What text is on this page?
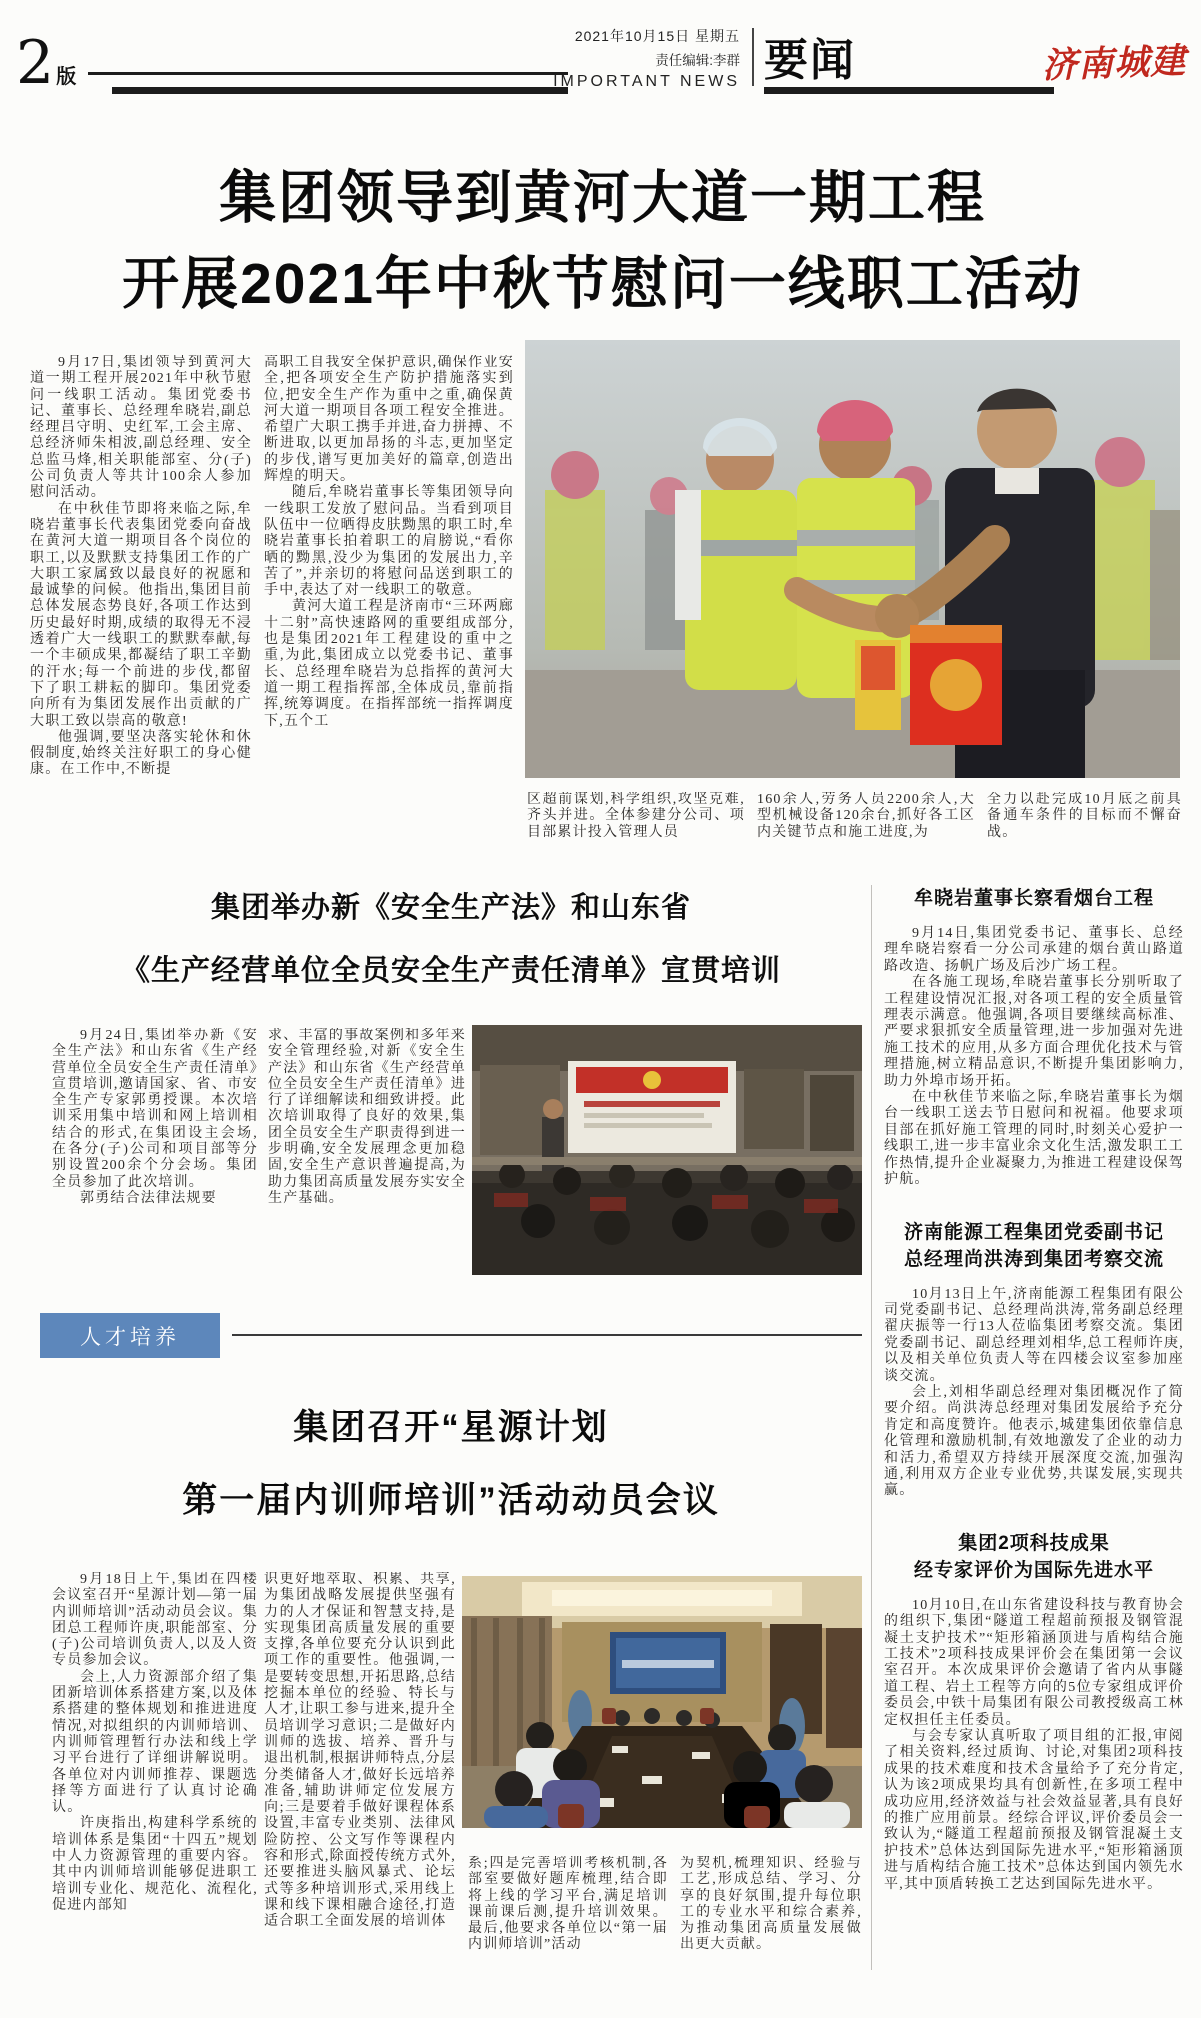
2 版
2021年10月15日 星期五
责任编辑:李群
IMPORTANT NEWS 要闻	济南城建
集团领导到黄河大道一期工程
开展2021年中秋节慰问一线职工活动

9月17日,集团领导到黄河大道一期工程开展2021年中秋节慰问一线职工活动。集团党委书记、董事长、总经理牟晓岩,副总经理吕守明、史红军,工会主席、总经济师朱相波,副总经理、安全总监马烽,相关职能部室、分(子)公司负责人等共计100余人参加慰问活动。

在中秋佳节即将来临之际,牟晓岩董事长代表集团党委向奋战在黄河大道一期项目各个岗位的职工,以及默默支持集团工作的广大职工家属致以最良好的祝愿和最诚挚的问候。他指出,集团目前总体发展态势良好,各项工作达到历史最好时期,成绩的取得无不浸透着广大一线职工的默默奉献,每一个丰硕成果,都凝结了职工辛勤的汗水;每一个前进的步伐,都留下了职工耕耘的脚印。集团党委向所有为集团发展作出贡献的广大职工致以崇高的敬意!

他强调,要坚决落实轮休和休假制度,始终关注好职工的身心健康。在工作中,不断提

高职工自我安全保护意识,确保作业安全,把各项安全生产防护措施落实到位,把安全生产作为重中之重,确保黄河大道一期项目各项工程安全推进。希望广大职工携手并进,奋力拼搏、不断进取,以更加昂扬的斗志,更加坚定的步伐,谱写更加美好的篇章,创造出辉煌的明天。

随后,牟晓岩董事长等集团领导向一线职工发放了慰问品。当看到项目队伍中一位晒得皮肤黝黑的职工时,牟晓岩董事长拍着职工的肩膀说,“看你晒的黝黑,没少为集团的发展出力,辛苦了”,并亲切的将慰问品送到职工的手中,表达了对一线职工的敬意。

黄河大道工程是济南市“三环两廊十二射”高快速路网的重要组成部分,也是集团2021年工程建设的重中之重,为此,集团成立以党委书记、董事长、总经理牟晓岩为总指挥的黄河大道一期工程指挥部,全体成员,靠前指挥,统筹调度。在指挥部统一指挥调度下,五个工

区超前谋划,科学组织,攻坚克难,齐头并进。全体参建分公司、项目部累计投入管理人员

160余人,劳务人员2200余人,大型机械设备120余台,抓好各工区内关键节点和施工进度,为

全力以赴完成10月底之前具备通车条件的目标而不懈奋战。

集团举办新《安全生产法》和山东省
《生产经营单位全员安全生产责任清单》宣贯培训

9月24日,集团举办新《安全生产法》和山东省《生产经营单位全员安全生产责任清单》宣贯培训,邀请国家、省、市安全生产专家郭勇授课。本次培训采用集中培训和网上培训相结合的形式,在集团设主会场,在各分(子)公司和项目部等分别设置200余个分会场。集团全员参加了此次培训。

郭勇结合法律法规要

求、丰富的事故案例和多年来安全管理经验,对新《安全生产法》和山东省《生产经营单位全员安全生产责任清单》进行了详细解读和细致讲授。此次培训取得了良好的效果,集团全员安全生产职责得到进一步明确,安全发展理念更加稳固,安全生产意识普遍提高,为助力集团高质量发展夯实安全生产基础。

人才培养
集团召开“星源计划
第一届内训师培训”活动动员会议

9月18日上午,集团在四楼会议室召开“星源计划—第一届内训师培训”活动动员会议。集团总工程师许庚,职能部室、分(子)公司培训负责人,以及人资专员参加会议。

会上,人力资源部介绍了集团新培训体系搭建方案,以及体系搭建的整体规划和推进进度情况,对拟组织的内训师培训、内训师管理暂行办法和线上学习平台进行了详细讲解说明。各单位对内训师推荐、课题选择等方面进行了认真讨论确认。

许庚指出,构建科学系统的培训体系是集团“十四五”规划中人力资源管理的重要内容。其中内训师培训能够促进职工培训专业化、规范化、流程化,促进内部知

识更好地萃取、积累、共享,为集团战略发展提供坚强有力的人才保证和智慧支持,是实现集团高质量发展的重要支撑,各单位要充分认识到此项工作的重要性。他强调,一是要转变思想,开拓思路,总结挖掘本单位的经验、特长与人才,让职工参与进来,提升全员培训学习意识;二是做好内训师的选拔、培养、晋升与退出机制,根据讲师特点,分层分类储备人才,做好长远培养准备,辅助讲师定位发展方向;三是要着手做好课程体系设置,丰富专业类别、法律风险防控、公文写作等课程内容和形式,除面授传统方式外,还要推进头脑风暴式、论坛式等多种培训形式,采用线上课和线下课相融合途径,打造适合职工全面发展的培训体

系;四是完善培训考核机制,各部室要做好题库梳理,结合即将上线的学习平台,满足培训课前课后测,提升培训效果。最后,他要求各单位以“第一届内训师培训”活动

为契机,梳理知识、经验与工艺,形成总结、学习、分享的良好氛围,提升每位职工的专业水平和综合素养,为推动集团高质量发展做出更大贡献。

牟晓岩董事长察看烟台工程

9月14日,集团党委书记、董事长、总经理牟晓岩察看一分公司承建的烟台黄山路道路改造、扬帆广场及后沙广场工程。

在各施工现场,牟晓岩董事长分别听取了工程建设情况汇报,对各项工程的安全质量管理表示满意。他强调,各项目要继续高标准、严要求狠抓安全质量管理,进一步加强对先进施工技术的应用,从多方面合理优化技术与管理措施,树立精品意识,不断提升集团影响力,助力外埠市场开拓。

在中秋佳节来临之际,牟晓岩董事长为烟台一线职工送去节日慰问和祝福。他要求项目部在抓好施工管理的同时,时刻关心爱护一线职工,进一步丰富业余文化生活,激发职工工作热情,提升企业凝聚力,为推进工程建设保驾护航。

济南能源工程集团党委副书记
总经理尚洪涛到集团考察交流

10月13日上午,济南能源工程集团有限公司党委副书记、总经理尚洪涛,常务副总经理翟庆振等一行13人莅临集团考察交流。集团党委副书记、副总经理刘相华,总工程师许庚,以及相关单位负责人等在四楼会议室参加座谈交流。

会上,刘相华副总经理对集团概况作了简要介绍。尚洪涛总经理对集团发展给予充分肯定和高度赞许。他表示,城建集团依靠信息化管理和激励机制,有效地激发了企业的动力和活力,希望双方持续开展深度交流,加强沟通,利用双方企业专业优势,共谋发展,实现共赢。

集团2项科技成果
经专家评价为国际先进水平

10月10日,在山东省建设科技与教育协会的组织下,集团“隧道工程超前预报及钢管混凝土支护技术”“矩形箱涵顶进与盾构结合施工技术”2项科技成果评价会在集团第一会议室召开。本次成果评价会邀请了省内从事隧道工程、岩土工程等方向的5位专家组成评价委员会,中铁十局集团有限公司教授级高工林定权担任主任委员。

与会专家认真听取了项目组的汇报,审阅了相关资料,经过质询、讨论,对集团2项科技成果的技术难度和技术含量给予了充分肯定,认为该2项成果均具有创新性,在多项工程中成功应用,经济效益与社会效益显著,具有良好的推广应用前景。经综合评议,评价委员会一致认为,“隧道工程超前预报及钢管混凝土支护技术”总体达到国际先进水平,“矩形箱涵顶进与盾构结合施工技术”总体达到国内领先水平,其中顶盾转换工艺达到国际先进水平。
